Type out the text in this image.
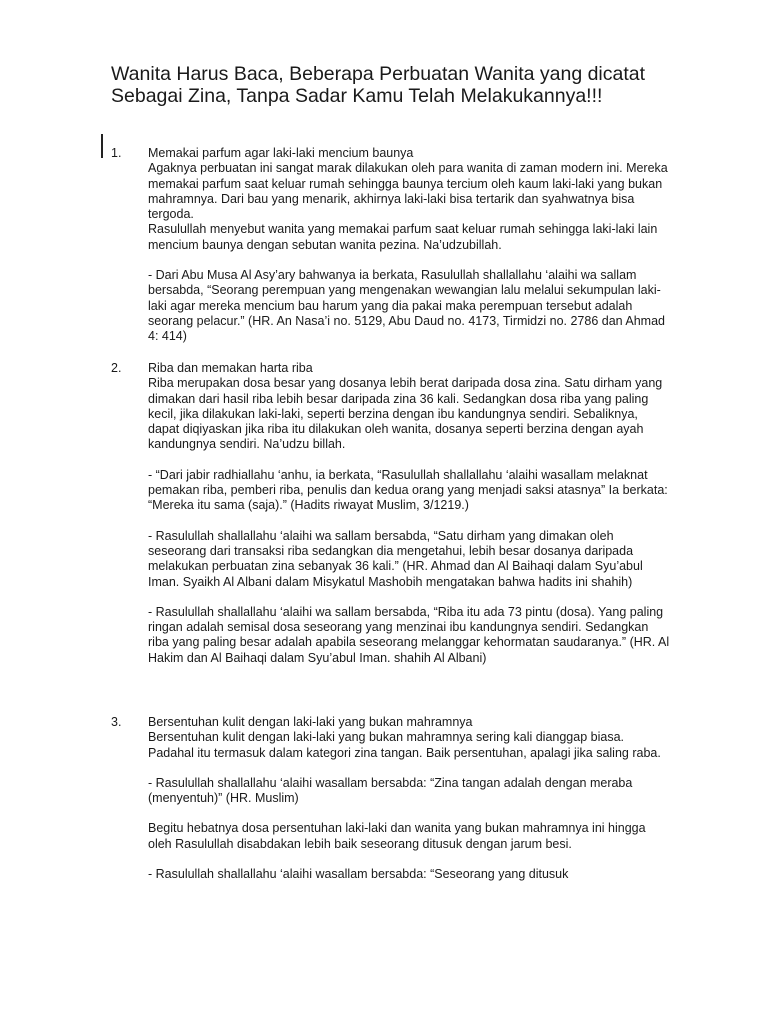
Wanita Harus Baca, Beberapa Perbuatan Wanita yang dicatat Sebagai Zina, Tanpa Sadar Kamu Telah Melakukannya!!!
1.	Memakai parfum agar laki-laki mencium baunya

Agaknya perbuatan ini sangat marak dilakukan oleh para wanita di zaman modern ini. Mereka memakai parfum saat keluar rumah sehingga baunya tercium oleh kaum laki-laki yang bukan mahramnya. Dari bau yang menarik, akhirnya laki-laki bisa tertarik dan syahwatnya bisa tergoda.

Rasulullah menyebut wanita yang memakai parfum saat keluar rumah sehingga laki-laki lain mencium baunya dengan sebutan wanita pezina. Na’udzubillah.

- Dari Abu Musa Al Asy’ary bahwanya ia berkata, Rasulullah shallallahu ‘alaihi wa sallam bersabda, “Seorang perempuan yang mengenakan wewangian lalu melalui sekumpulan laki-laki agar mereka mencium bau harum yang dia pakai maka perempuan tersebut adalah seorang pelacur.” (HR. An Nasa’i no. 5129, Abu Daud no. 4173, Tirmidzi no. 2786 dan Ahmad 4: 414)

2.	Riba dan memakan harta riba

Riba merupakan dosa besar yang dosanya lebih berat daripada dosa zina. Satu dirham yang dimakan dari hasil riba lebih besar daripada zina 36 kali. Sedangkan dosa riba yang paling kecil, jika dilakukan laki-laki, seperti berzina dengan ibu kandungnya sendiri. Sebaliknya, dapat diqiyaskan jika riba itu dilakukan oleh wanita, dosanya seperti berzina dengan ayah kandungnya sendiri. Na’udzu billah.

- “Dari jabir radhiallahu ‘anhu, ia berkata, “Rasulullah shallallahu ‘alaihi wasallam melaknat pemakan riba, pemberi riba, penulis dan kedua orang yang menjadi saksi atasnya” Ia berkata: “Mereka itu sama (saja).” (Hadits riwayat Muslim, 3/1219.)

- Rasulullah shallallahu ‘alaihi wa sallam bersabda, “Satu dirham yang dimakan oleh seseorang dari transaksi riba sedangkan dia mengetahui, lebih besar dosanya daripada melakukan perbuatan zina sebanyak 36 kali.” (HR. Ahmad dan Al Baihaqi dalam Syu’abul Iman. Syaikh Al Albani dalam Misykatul Mashobih mengatakan bahwa hadits ini shahih)

- Rasulullah shallallahu ‘alaihi wa sallam bersabda, “Riba itu ada 73 pintu (dosa). Yang paling ringan adalah semisal dosa seseorang yang menzinai ibu kandungnya sendiri. Sedangkan riba yang paling besar adalah apabila seseorang melanggar kehormatan saudaranya.” (HR. Al Hakim dan Al Baihaqi dalam Syu’abul Iman. shahih Al Albani)

3.	Bersentuhan kulit dengan laki-laki yang bukan mahramnya

Bersentuhan kulit dengan laki-laki yang bukan mahramnya sering kali dianggap biasa. Padahal itu termasuk dalam kategori zina tangan. Baik persentuhan, apalagi jika saling raba.

- Rasulullah shallallahu ‘alaihi wasallam bersabda: “Zina tangan adalah dengan meraba (menyentuh)” (HR. Muslim)

Begitu hebatnya dosa persentuhan laki-laki dan wanita yang bukan mahramnya ini hingga oleh Rasulullah disabdakan lebih baik seseorang ditusuk dengan jarum besi.

- Rasulullah shallallahu ‘alaihi wasallam bersabda: “Seseorang yang ditusuk
